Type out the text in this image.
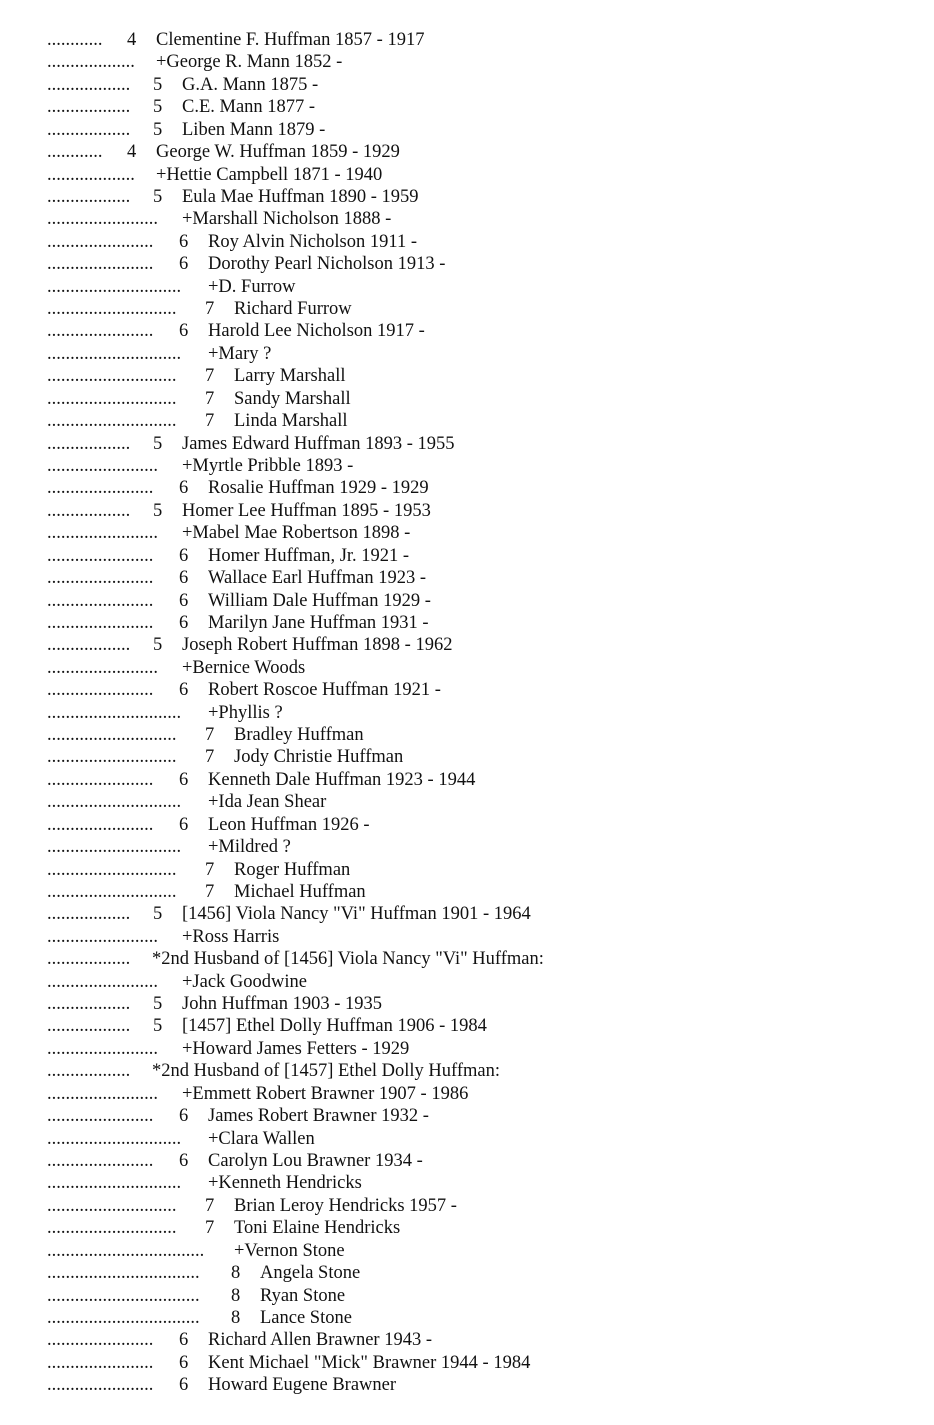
............ 4 Clementine F. Huffman 1857 - 1917
................... +George R. Mann 1852 -
.................. 5 G.A. Mann 1875 -
.................. 5 C.E. Mann 1877 -
.................. 5 Liben Mann 1879 -
............ 4 George W. Huffman 1859 - 1929
................... +Hettie Campbell 1871 - 1940
.................. 5 Eula Mae Huffman 1890 - 1959
........................ +Marshall Nicholson 1888 -
....................... 6 Roy Alvin Nicholson 1911 -
....................... 6 Dorothy Pearl Nicholson 1913 -
............................. +D. Furrow
............................ 7 Richard Furrow
....................... 6 Harold Lee Nicholson 1917 -
............................. +Mary ?
............................ 7 Larry Marshall
............................ 7 Sandy Marshall
............................ 7 Linda Marshall
.................. 5 James Edward Huffman 1893 - 1955
........................ +Myrtle Pribble 1893 -
....................... 6 Rosalie Huffman 1929 - 1929
.................. 5 Homer Lee Huffman 1895 - 1953
........................ +Mabel Mae Robertson 1898 -
....................... 6 Homer Huffman, Jr. 1921 -
....................... 6 Wallace Earl Huffman 1923 -
....................... 6 William Dale Huffman 1929 -
....................... 6 Marilyn Jane Huffman 1931 -
.................. 5 Joseph Robert Huffman 1898 - 1962
........................ +Bernice Woods
....................... 6 Robert Roscoe Huffman 1921 -
............................. +Phyllis ?
............................ 7 Bradley Huffman
............................ 7 Jody Christie Huffman
....................... 6 Kenneth Dale Huffman 1923 - 1944
............................. +Ida Jean Shear
....................... 6 Leon Huffman 1926 -
............................. +Mildred ?
............................ 7 Roger Huffman
............................ 7 Michael Huffman
.................. 5 [1456] Viola Nancy "Vi" Huffman 1901 - 1964
........................ +Ross Harris
.................. *2nd Husband of [1456] Viola Nancy "Vi" Huffman:
........................ +Jack Goodwine
.................. 5 John Huffman 1903 - 1935
.................. 5 [1457] Ethel Dolly Huffman 1906 - 1984
........................ +Howard James Fetters - 1929
.................. *2nd Husband of [1457] Ethel Dolly Huffman:
........................ +Emmett Robert Brawner 1907 - 1986
....................... 6 James Robert Brawner 1932 -
............................. +Clara Wallen
....................... 6 Carolyn Lou Brawner 1934 -
............................. +Kenneth Hendricks
............................ 7 Brian Leroy Hendricks 1957 -
............................ 7 Toni Elaine Hendricks
.................................. +Vernon Stone
................................. 8 Angela Stone
................................. 8 Ryan Stone
................................. 8 Lance Stone
....................... 6 Richard Allen Brawner 1943 -
....................... 6 Kent Michael "Mick" Brawner 1944 - 1984
....................... 6 Howard Eugene Brawner
